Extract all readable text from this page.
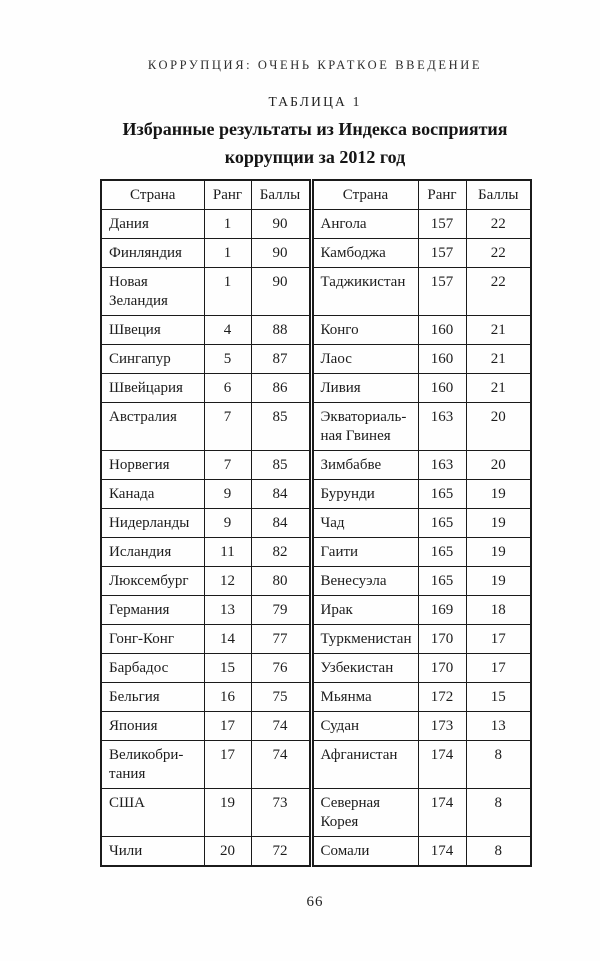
КОРРУПЦИЯ: ОЧЕНЬ КРАТКОЕ ВВЕДЕНИЕ
ТАБЛИЦА 1
Избранные результаты из Индекса восприятия
коррупции за 2012 год
Страна	Ранг	Баллы	Страна	Ранг	Баллы
Дания	1	90	Ангола	157	22
Финляндия	1	90	Камбоджа	157	22
Новая Зеландия	1	90	Таджикистан	157	22
Швеция	4	88	Конго	160	21
Сингапур	5	87	Лаос	160	21
Швейцария	6	86	Ливия	160	21
Австралия	7	85	Экваториаль-ная Гвинея	163	20
Норвегия	7	85	Зимбабве	163	20
Канада	9	84	Бурунди	165	19
Нидерланды	9	84	Чад	165	19
Исландия	11	82	Гаити	165	19
Люксембург	12	80	Венесуэла	165	19
Германия	13	79	Ирак	169	18
Гонг-Конг	14	77	Туркменистан	170	17
Барбадос	15	76	Узбекистан	170	17
Бельгия	16	75	Мьянма	172	15
Япония	17	74	Судан	173	13
Великобри-тания	17	74	Афганистан	174	8
США	19	73	Северная Корея	174	8
Чили	20	72	Сомали	174	8
66
